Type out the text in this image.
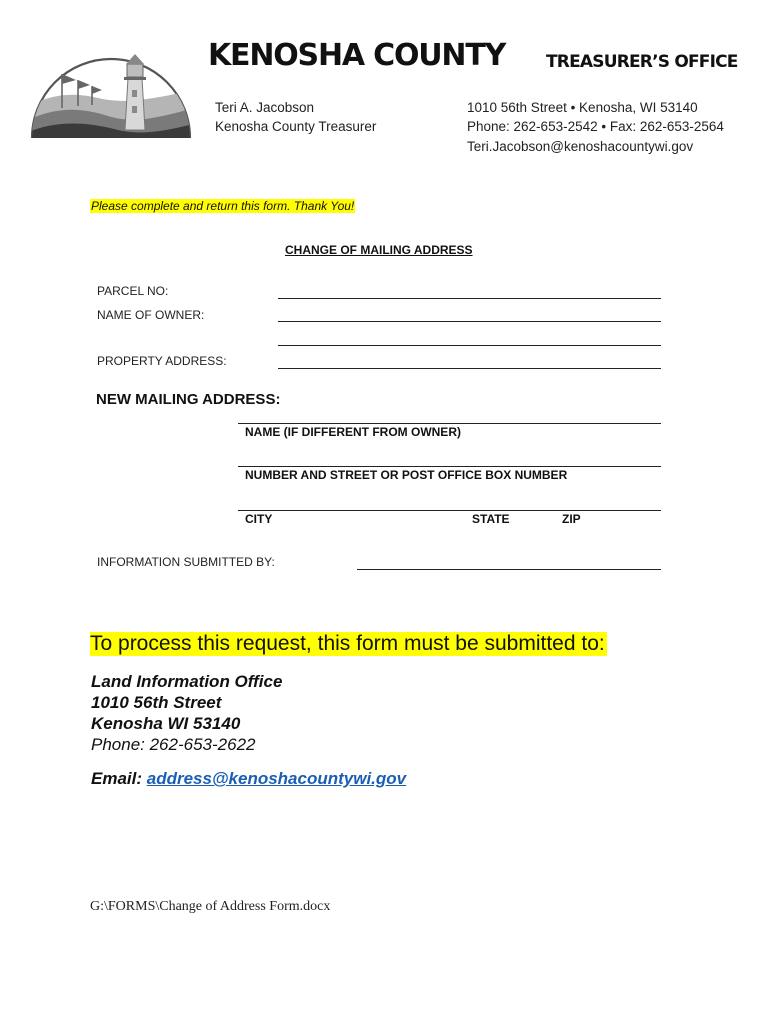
KENOSHA COUNTY TREASURER’S OFFICE
Teri A. Jacobson
Kenosha County Treasurer
1010 56th Street • Kenosha, WI 53140
Phone: 262-653-2542 • Fax: 262-653-2564
Teri.Jacobson@kenoshacountywi.gov
Please complete and return this form. Thank You!
CHANGE OF MAILING ADDRESS
PARCEL NO:
NAME OF OWNER:
PROPERTY ADDRESS:
NEW MAILING ADDRESS:
NAME (IF DIFFERENT FROM OWNER)
NUMBER AND STREET OR POST OFFICE BOX NUMBER
CITY	STATE	ZIP
INFORMATION SUBMITTED BY:
To process this request, this form must be submitted to:
Land Information Office
1010 56th Street
Kenosha WI 53140
Phone: 262-653-2622
Email: address@kenoshacountywi.gov
G:\FORMS\Change of Address Form.docx
